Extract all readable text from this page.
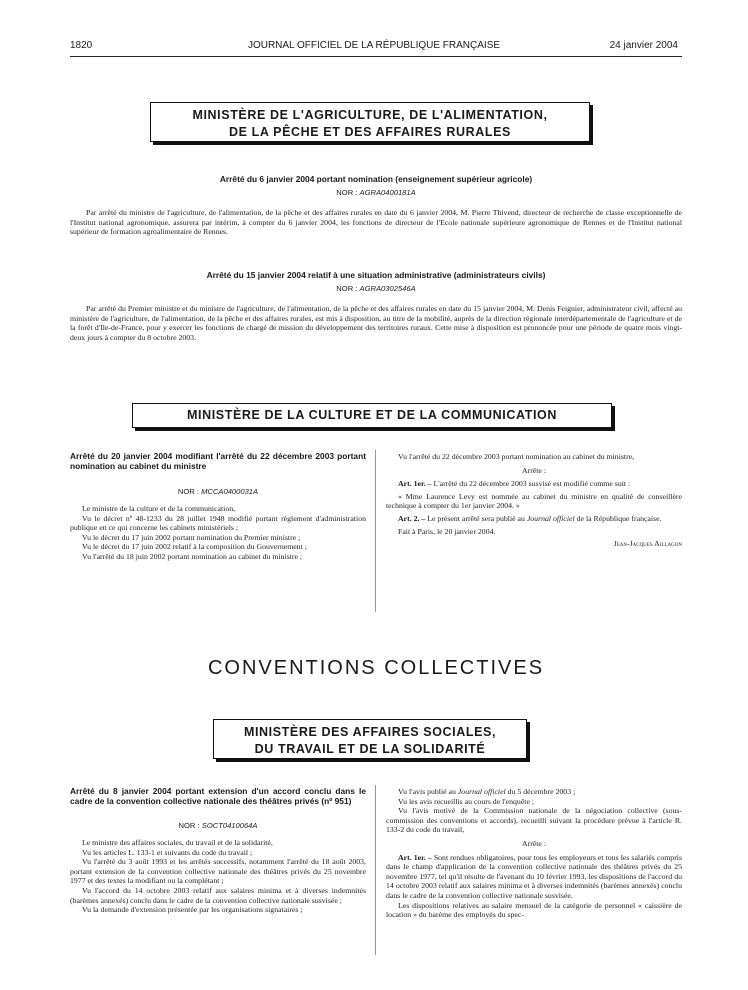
1820	JOURNAL OFFICIEL DE LA RÉPUBLIQUE FRANÇAISE	24 janvier 2004
MINISTÈRE DE L'AGRICULTURE, DE L'ALIMENTATION,
DE LA PÊCHE ET DES AFFAIRES RURALES
Arrêté du 6 janvier 2004 portant nomination (enseignement supérieur agricole)
NOR : AGRA0400181A

Par arrêté du ministre de l'agriculture, de l'alimentation, de la pêche et des affaires rurales en date du 6 janvier 2004, M. Pierre Thivend, directeur de recherche de classe exceptionnelle de l'Institut national agronomique, assurera par intérim, à compter du 6 janvier 2004, les fonctions de directeur de l'Ecole nationale supérieure agronomique de Rennes et de l'Institut national supérieur de formation agroalimentaire de Rennes.

Arrêté du 15 janvier 2004 relatif à une situation administrative (administrateurs civils)
NOR : AGRA0302546A

Par arrêté du Premier ministre et du ministre de l'agriculture, de l'alimentation, de la pêche et des affaires rurales en date du 15 janvier 2004, M. Denis Feignier, administrateur civil, affecté au ministère de l'agriculture, de l'alimentation, de la pêche et des affaires rurales, est mis à disposition, au titre de la mobilité, auprès de la direction régionale interdépartementale de l'agriculture et de la forêt d'Ile-de-France, pour y exercer les fonctions de chargé de mission du développement des territoires ruraux. Cette mise à disposition est prononcée pour une période de quatre mois vingt-deux jours à compter du 8 octobre 2003.

MINISTÈRE DE LA CULTURE ET DE LA COMMUNICATION
Arrêté du 20 janvier 2004 modifiant l'arrêté du 22 décembre 2003 portant nomination au cabinet du ministre
NOR : MCCA0400031A

Le ministre de la culture et de la communication,

Vu le décret nº 48-1233 du 28 juillet 1948 modifié portant règlement d'administration publique en ce qui concerne les cabinets ministériels ;

Vu le décret du 17 juin 2002 portant nomination du Premier ministre ;

Vu le décret du 17 juin 2002 relatif à la composition du Gouvernement ;

Vu l'arrêté du 18 juin 2002 portant nomination au cabinet du ministre ;

Vu l'arrêté du 22 décembre 2003 portant nomination au cabinet du ministre,

Arrête :

Art. 1er. – L'arrêté du 22 décembre 2003 susvisé est modifié comme suit :

« Mme Laurence Levy est nommée au cabinet du ministre en qualité de conseillère technique à compter du 1er janvier 2004. »

Art. 2. – Le présent arrêté sera publié au Journal officiel de la République française.

Fait à Paris, le 20 janvier 2004.

Jean-Jacques Aillagon

CONVENTIONS COLLECTIVES
MINISTÈRE DES AFFAIRES SOCIALES,
DU TRAVAIL ET DE LA SOLIDARITÉ
Arrêté du 8 janvier 2004 portant extension d'un accord conclu dans le cadre de la convention collective nationale des théâtres privés (nº 951)
NOR : SOCT0410064A

Le ministre des affaires sociales, du travail et de la solidarité,

Vu les articles L. 133-1 et suivants du code du travail ;

Vu l'arrêté du 3 août 1993 et les arrêtés successifs, notamment l'arrêté du 18 août 2003, portant extension de la convention collective nationale des théâtres privés du 25 novembre 1977 et des textes la modifiant ou la complétant ;

Vu l'accord du 14 octobre 2003 relatif aux salaires minima et à diverses indemnités (barèmes annexés) conclu dans le cadre de la convention collective nationale susvisée ;

Vu la demande d'extension présentée par les organisations signataires ;

Vu l'avis publié au Journal officiel du 5 décembre 2003 ;

Vu les avis recueillis au cours de l'enquête ;

Vu l'avis motivé de la Commission nationale de la négociation collective (sous-commission des conventions et accords), recueilli suivant la procédure prévue à l'article R. 133-2 du code du travail,

Arrête :

Art. 1er. – Sont rendues obligatoires, pour tous les employeurs et tous les salariés compris dans le champ d'application de la convention collective nationale des théâtres privés du 25 novembre 1977, tel qu'il résulte de l'avenant du 10 février 1993, les dispositions de l'accord du 14 octobre 2003 relatif aux salaires minima et à diverses indemnités (barèmes annexés) conclu dans le cadre de la convention collective nationale susvisée.

Les dispositions relatives au salaire mensuel de la catégorie de personnel « caissière de location » du barème des employés du spec-
